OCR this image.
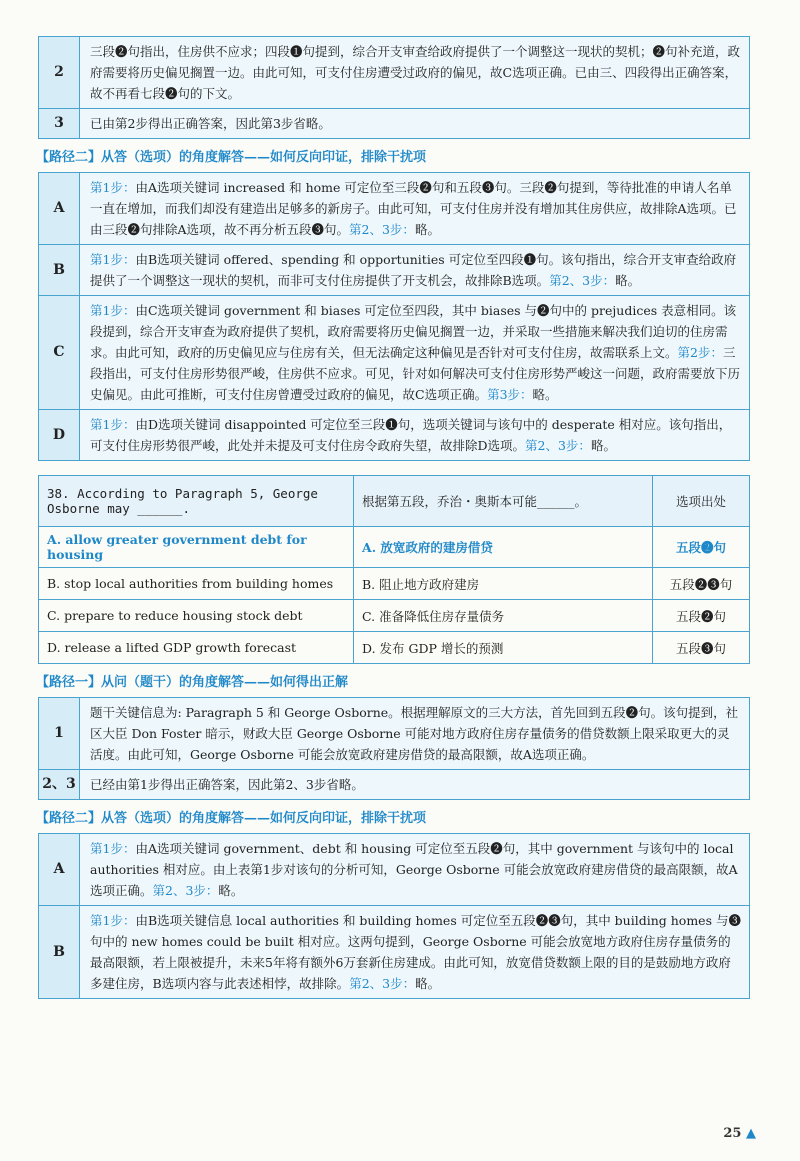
2	三段❷句指出，住房供不应求；四段❶句提到，综合开支审查给政府提供了一个调整这一现状的契机；❷句补充道，政府需要将历史偏见搁置一边。由此可知，可支付住房遭受过政府的偏见，故C选项正确。已由三、四段得出正确答案，故不再看七段❷句的下文。
3	已由第2步得出正确答案，因此第3步省略。
【路径二】从答（选项）的角度解答——如何反向印证，排除干扰项
A	第1步：由A选项关键词 increased 和 home 可定位至三段❷句和五段❸句。三段❷句提到，等待批准的申请人名单一直在增加，而我们却没有建造出足够多的新房子。由此可知，可支付住房并没有增加其住房供应，故排除A选项。已由三段❷句排除A选项，故不再分析五段❸句。第2、3步：略。
B	第1步：由B选项关键词 offered、spending 和 opportunities 可定位至四段❶句。该句指出，综合开支审查给政府提供了一个调整这一现状的契机，而非可支付住房提供了开支机会，故排除B选项。第2、3步：略。
C	第1步：由C选项关键词 government 和 biases 可定位至四段，其中 biases 与❷句中的 prejudices 表意相同。该段提到，综合开支审查为政府提供了契机，政府需要将历史偏见搁置一边，并采取一些措施来解决我们迫切的住房需求。由此可知，政府的历史偏见应与住房有关，但无法确定这种偏见是否针对可支付住房，故需联系上文。第2步：三段指出，可支付住房形势很严峻，住房供不应求。可见，针对如何解决可支付住房形势严峻这一问题，政府需要放下历史偏见。由此可推断，可支付住房曾遭受过政府的偏见，故C选项正确。第3步：略。
D	第1步：由D选项关键词 disappointed 可定位至三段❶句，选项关键词与该句中的 desperate 相对应。该句指出，可支付住房形势很严峻，此处并未提及可支付住房令政府失望，故排除D选项。第2、3步：略。
38. According to Paragraph 5, George Osborne may ______.	根据第五段，乔治・奥斯本可能______。	选项出处
A. allow greater government debt for housing	A. 放宽政府的建房借贷	五段❷句
B. stop local authorities from building homes	B. 阻止地方政府建房	五段❷❸句
C. prepare to reduce housing stock debt	C. 准备降低住房存量债务	五段❷句
D. release a lifted GDP growth forecast	D. 发布 GDP 增长的预测	五段❸句
【路径一】从问（题干）的角度解答——如何得出正解
1	题干关键信息为: Paragraph 5 和 George Osborne。根据理解原文的三大方法，首先回到五段❷句。该句提到，社区大臣 Don Foster 暗示，财政大臣 George Osborne 可能对地方政府住房存量债务的借贷数额上限采取更大的灵活度。由此可知，George Osborne 可能会放宽政府建房借贷的最高限额，故A选项正确。
2、3	已经由第1步得出正确答案，因此第2、3步省略。
【路径二】从答（选项）的角度解答——如何反向印证，排除干扰项
A	第1步：由A选项关键词 government、debt 和 housing 可定位至五段❷句，其中 government 与该句中的 local authorities 相对应。由上表第1步对该句的分析可知，George Osborne 可能会放宽政府建房借贷的最高限额，故A选项正确。第2、3步：略。
B	第1步：由B选项关键信息 local authorities 和 building homes 可定位至五段❷❸句，其中 building homes 与❸句中的 new homes could be built 相对应。这两句提到，George Osborne 可能会放宽地方政府住房存量债务的最高限额，若上限被提升，未来5年将有额外6万套新住房建成。由此可知，放宽借贷数额上限的目的是鼓励地方政府多建住房，B选项内容与此表述相悖，故排除。第2、3步：略。
25 ▲
